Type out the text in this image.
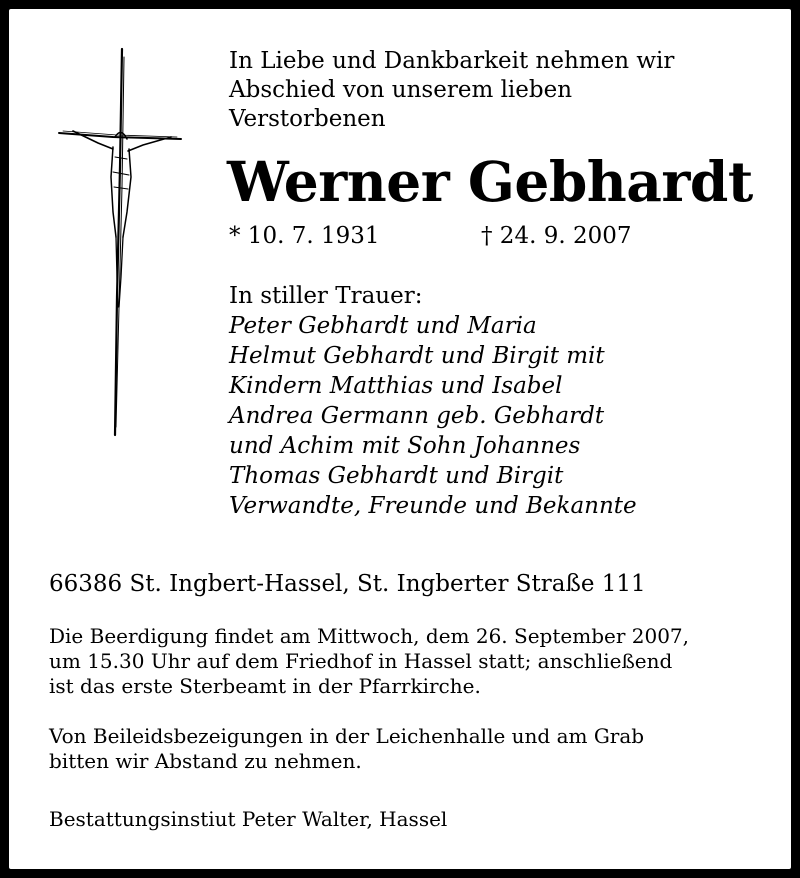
In Liebe und Dankbarkeit nehmen wir
Abschied von unserem lieben
Verstorbenen
Werner Gebhardt
* 10. 7. 1931	† 24. 9. 2007
In stiller Trauer:
Peter Gebhardt und Maria
Helmut Gebhardt und Birgit mit
Kindern Matthias und Isabel
Andrea Germann geb. Gebhardt
und Achim mit Sohn Johannes
Thomas Gebhardt und Birgit
Verwandte, Freunde und Bekannte
66386 St. Ingbert-Hassel, St. Ingberter Straße 111
Die Beerdigung findet am Mittwoch, dem 26. September 2007,
um 15.30 Uhr auf dem Friedhof in Hassel statt; anschließend
ist das erste Sterbeamt in der Pfarrkirche.
Von Beileidsbezeigungen in der Leichenhalle und am Grab
bitten wir Abstand zu nehmen.
Bestattungsinstiut Peter Walter, Hassel
